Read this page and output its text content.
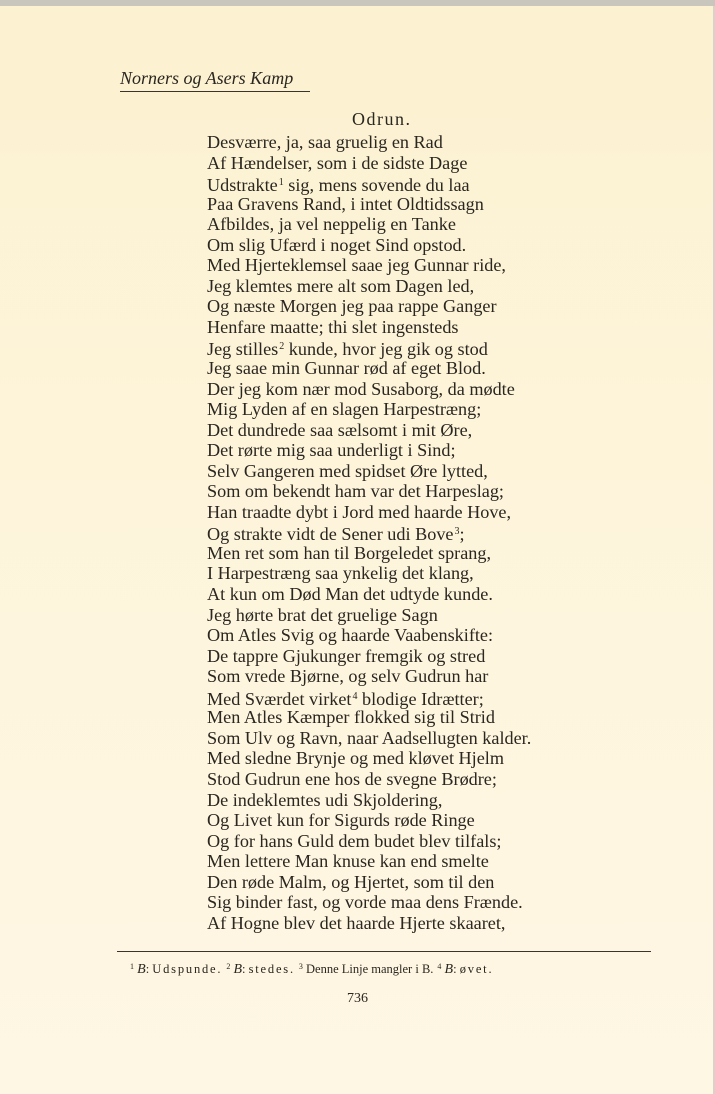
Norners og Asers Kamp
Odrun.
Desværre, ja, saa gruelig en Rad
Af Hændelser, som i de sidste Dage
Udstrakte$^1$ sig, mens sovende du laa
Paa Gravens Rand, i intet Oldtidssagn
Afbildes, ja vel neppelig en Tanke
Om slig Ufærd i noget Sind opstod.
Med Hjerteklemsel saae jeg Gunnar ride,
Jeg klemtes mere alt som Dagen led,
Og næste Morgen jeg paa rappe Ganger
Henfare maatte; thi slet ingensteds
Jeg stilles$^2$ kunde, hvor jeg gik og stod
Jeg saae min Gunnar rød af eget Blod.
Der jeg kom nær mod Susaborg, da mødte
Mig Lyden af en slagen Harpestræng;
Det dundrede saa sælsomt i mit Øre,
Det rørte mig saa underligt i Sind;
Selv Gangeren med spidset Øre lytted,
Som om bekendt ham var det Harpeslag;
Han traadte dybt i Jord med haarde Hove,
Og strakte vidt de Sener udi Bove$^3$;
Men ret som han til Borgeledet sprang,
I Harpestræng saa ynkelig det klang,
At kun om Død Man det udtyde kunde.
Jeg hørte brat det gruelige Sagn
Om Atles Svig og haarde Vaabenskifte:
De tappre Gjukunger fremgik og stred
Som vrede Bjørne, og selv Gudrun har
Med Sværdet virket$^4$ blodige Idrætter;
Men Atles Kæmper flokked sig til Strid
Som Ulv og Ravn, naar Aadsellugten kalder.
Med sledne Brynje og med kløvet Hjelm
Stod Gudrun ene hos de svegne Brødre;
De indeklemtes udi Skjoldering,
Og Livet kun for Sigurds røde Ringe
Og for hans Guld dem budet blev tilfals;
Men lettere Man knuse kan end smelte
Den røde Malm, og Hjertet, som til den
Sig binder fast, og vorde maa dens Frænde.
Af Hogne blev det haarde Hjerte skaaret,
$^1$ B: Udspunde. $^2$ B: stedes. $^3$ Denne Linje mangler i B. $^4$ B: øvet.
736
